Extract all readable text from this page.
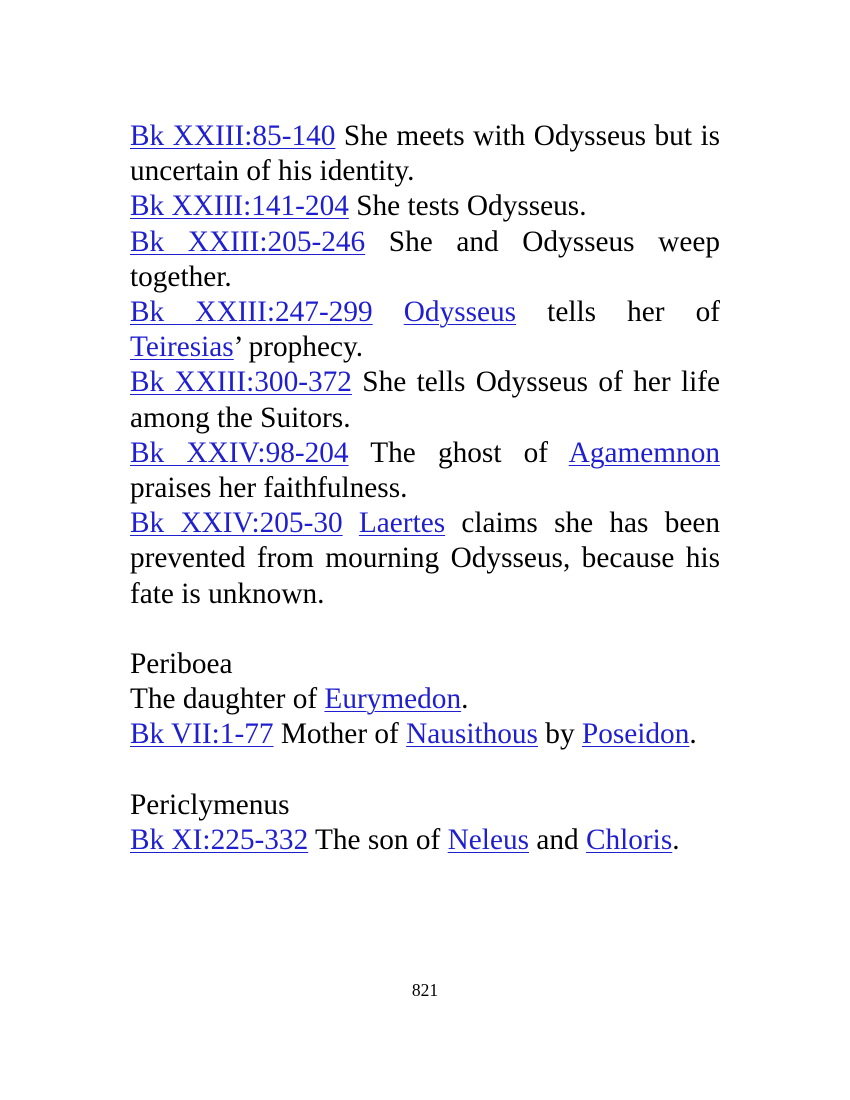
Bk XXIII:85-140 She meets with Odysseus but is uncertain of his identity.

Bk XXIII:141-204 She tests Odysseus.

Bk XXIII:205-246 She and Odysseus weep together.

Bk XXIII:247-299 Odysseus tells her of Teiresias’ prophecy.

Bk XXIII:300-372 She tells Odysseus of her life among the Suitors.

Bk XXIV:98-204 The ghost of Agamemnon praises her faithfulness.

Bk XXIV:205-30 Laertes claims she has been prevented from mourning Odysseus, because his fate is unknown.

Periboea

The daughter of Eurymedon.

Bk VII:1-77 Mother of Nausithous by Poseidon.

Periclymenus

Bk XI:225-332 The son of Neleus and Chloris.

821
